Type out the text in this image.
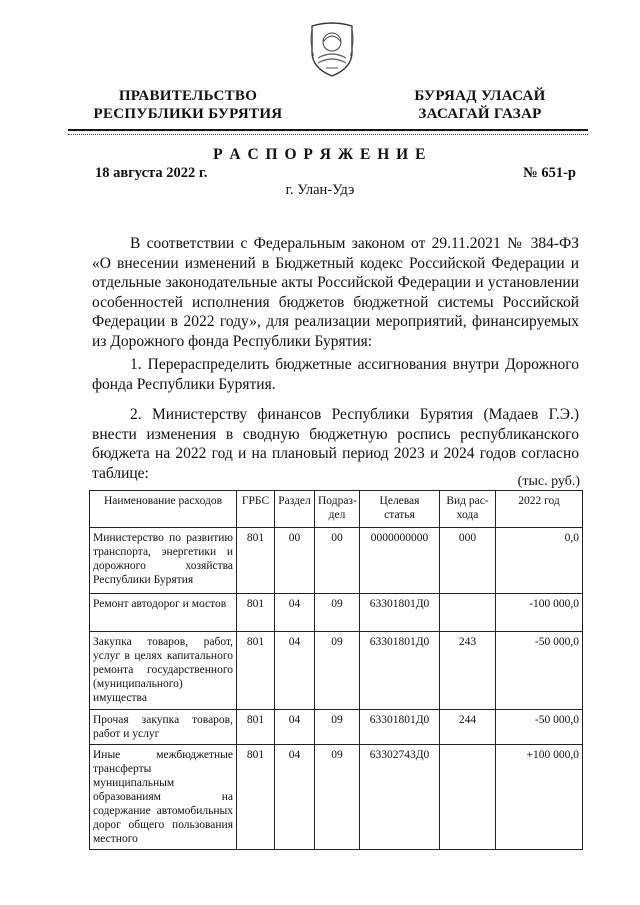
ПРАВИТЕЛЬСТВО
РЕСПУБЛИКИ БУРЯТИЯ
БУРЯАД УЛАСАЙ
ЗАСАГАЙ ГАЗАР
Р А С П О Р Я Ж Е Н И Е
18 августа 2022 г.	№ 651-р
г. Улан-Удэ
В соответствии с Федеральным законом от 29.11.2021 № 384-ФЗ «О внесении изменений в Бюджетный кодекс Российской Федерации и отдельные законодательные акты Российской Федерации и установлении особенностей исполнения бюджетов бюджетной системы Российской Федерации в 2022 году», для реализации мероприятий, финансируемых из Дорожного фонда Республики Бурятия:
1. Перераспределить бюджетные ассигнования внутри Дорожного фонда Республики Бурятия.
2. Министерству финансов Республики Бурятия (Мадаев Г.Э.) внести изменения в сводную бюджетную роспись республиканского бюджета на 2022 год и на плановый период 2023 и 2024 годов согласно таблице:	(тыс. руб.)
Наименование расходов	ГРБС	Раздел	Подраз-дел	Целевая статья	Вид рас-хода	2022 год
Министерство по развитию транспорта, энергетики и дорожного хозяйства Республики Бурятия	801	00	00	0000000000	000	0,0
Ремонт автодорог и мостов	801	04	09	63301801Д0		-100 000,0
Закупка товаров, работ, услуг в целях капитального ремонта государственного (муниципального) имущества	801	04	09	63301801Д0	243	-50 000,0
Прочая закупка товаров, работ и услуг	801	04	09	63301801Д0	244	-50 000,0
Иные межбюджетные трансферты муниципальным образованиям на содержание автомобильных дорог общего пользования местного	801	04	09	63302743Д0		+100 000,0
